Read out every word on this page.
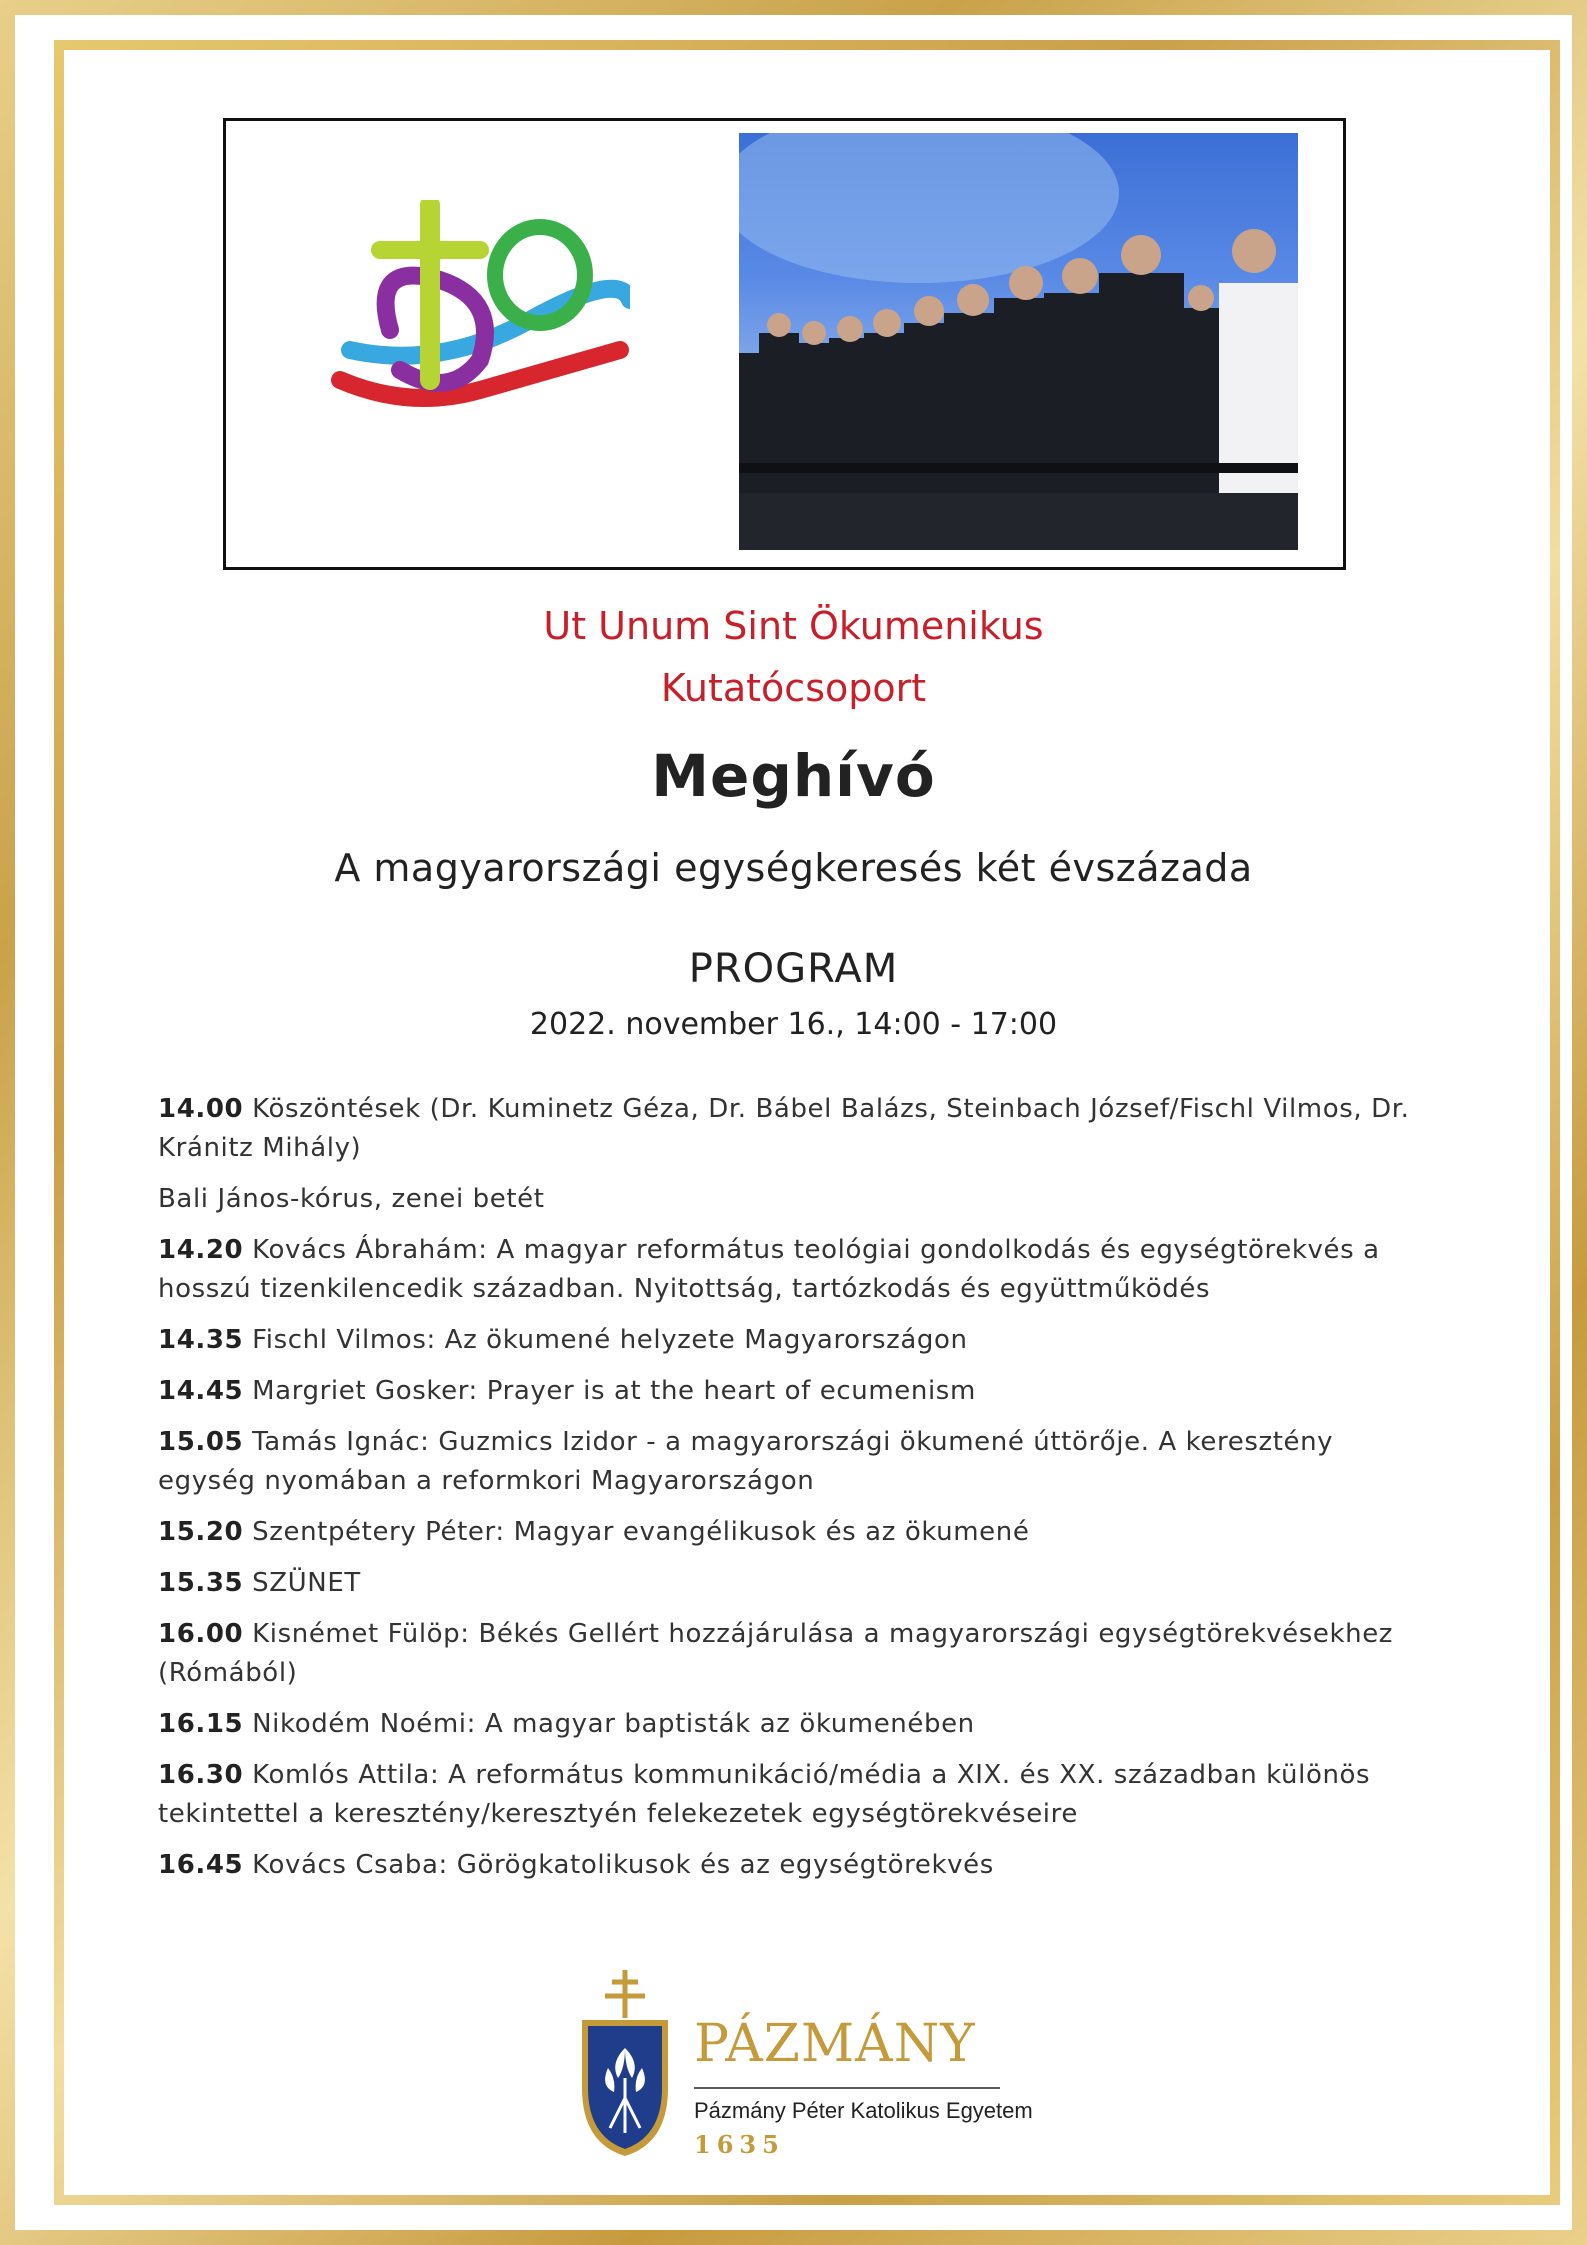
Ut Unum Sint Ökumenikus
Kutatócsoport
Meghívó
A magyarországi egységkeresés két évszázada
PROGRAM
2022. november 16., 14:00 - 17:00
14.00 Köszöntések (Dr. Kuminetz Géza, Dr. Bábel Balázs, Steinbach József/Fischl Vilmos, Dr. Kránitz Mihály)
Bali János-kórus, zenei betét
14.20 Kovács Ábrahám: A magyar református teológiai gondolkodás és egységtörekvés a hosszú tizenkilencedik században. Nyitottság, tartózkodás és együttműködés
14.35 Fischl Vilmos: Az ökumené helyzete Magyarországon
14.45 Margriet Gosker: Prayer is at the heart of ecumenism
15.05 Tamás Ignác: Guzmics Izidor - a magyarországi ökumené úttörője. A keresztény egység nyomában a reformkori Magyarországon
15.20 Szentpétery Péter: Magyar evangélikusok és az ökumené
15.35 SZÜNET
16.00 Kisnémet Fülöp: Békés Gellért hozzájárulása a magyarországi egységtörekvésekhez (Rómából)
16.15 Nikodém Noémi: A magyar baptisták az ökumenében
16.30 Komlós Attila: A református kommunikáció/média a XIX. és XX. században különös tekintettel a keresztény/keresztyén felekezetek egységtörekvéseire
16.45 Kovács Csaba: Görögkatolikusok és az egységtörekvés
PÁZMÁNY
Pázmány Péter Katolikus Egyetem
1635
